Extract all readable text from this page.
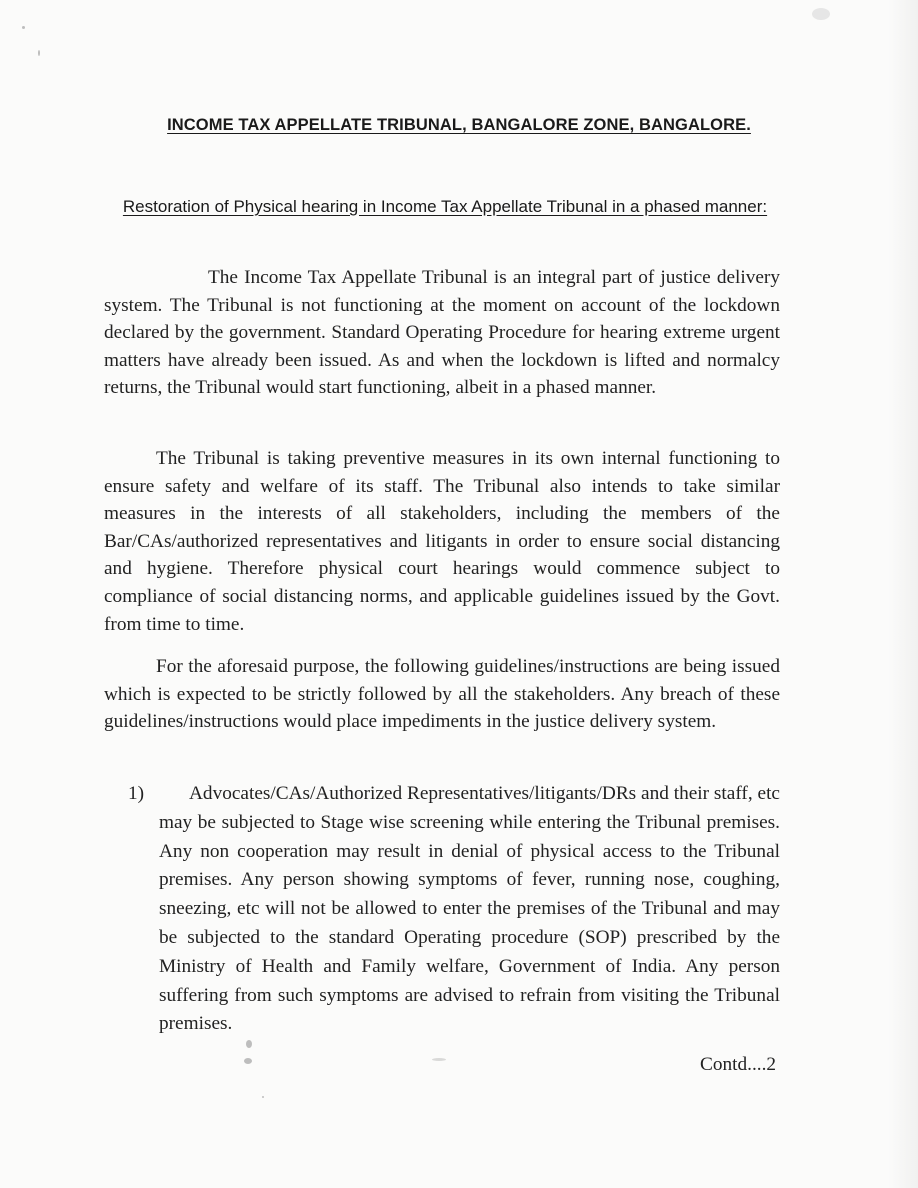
INCOME TAX APPELLATE TRIBUNAL, BANGALORE ZONE, BANGALORE.
Restoration of Physical hearing in Income Tax Appellate Tribunal in a phased manner:

The Income Tax Appellate Tribunal is an integral part of justice delivery system. The Tribunal is not functioning at the moment on account of the lockdown declared by the government. Standard Operating Procedure for hearing extreme urgent matters have already been issued. As and when the lockdown is lifted and normalcy returns, the Tribunal would start functioning, albeit in a phased manner.

The Tribunal is taking preventive measures in its own internal functioning to ensure safety and welfare of its staff. The Tribunal also intends to take similar measures in the interests of all stakeholders, including the members of the Bar/CAs/authorized representatives and litigants in order to ensure social distancing and hygiene. Therefore physical court hearings would commence subject to compliance of social distancing norms, and applicable guidelines issued by the Govt. from time to time.

For the aforesaid purpose, the following guidelines/instructions are being issued which is expected to be strictly followed by all the stakeholders. Any breach of these guidelines/instructions would place impediments in the justice delivery system.

1)	Advocates/CAs/Authorized Representatives/litigants/DRs and their staff, etc may be subjected to Stage wise screening while entering the Tribunal premises. Any non cooperation may result in denial of physical access to the Tribunal premises. Any person showing symptoms of fever, running nose, coughing, sneezing, etc will not be allowed to enter the premises of the Tribunal and may be subjected to the standard Operating procedure (SOP) prescribed by the Ministry of Health and Family welfare, Government of India. Any person suffering from such symptoms are advised to refrain from visiting the Tribunal premises.

Contd....2
